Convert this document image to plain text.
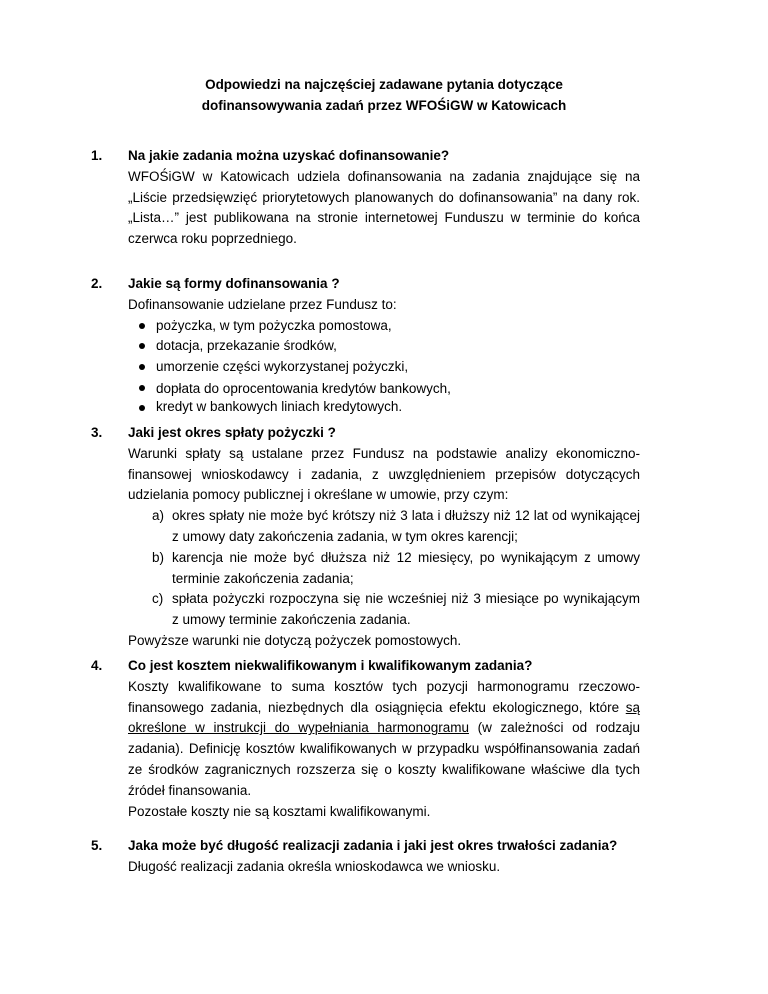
Odpowiedzi na najczęściej zadawane pytania dotyczące
dofinansowywania zadań przez WFOŚiGW w Katowicach
1. Na jakie zadania można uzyskać dofinansowanie?
WFOŚiGW w Katowicach udziela dofinansowania na zadania znajdujące się na „Liście przedsięwzięć priorytetowych planowanych do dofinansowania” na dany rok. „Lista…” jest publikowana na stronie internetowej Funduszu w terminie do końca czerwca roku poprzedniego.
2. Jakie są formy dofinansowania ?
Dofinansowanie udzielane przez Fundusz to:
pożyczka, w tym pożyczka pomostowa,
dotacja, przekazanie środków,
umorzenie części wykorzystanej pożyczki,
dopłata do oprocentowania kredytów bankowych,
kredyt w bankowych liniach kredytowych.
3. Jaki jest okres spłaty pożyczki ?
Warunki spłaty są ustalane przez Fundusz na podstawie analizy ekonomiczno-finansowej wnioskodawcy i zadania, z uwzględnieniem przepisów dotyczących udzielania pomocy publicznej i określane w umowie, przy czym:
a) okres spłaty nie może być krótszy niż 3 lata i dłuższy niż 12 lat od wynikającej z umowy daty zakończenia zadania, w tym okres karencji;
b) karencja nie może być dłuższa niż 12 miesięcy, po wynikającym z umowy terminie zakończenia zadania;
c) spłata pożyczki rozpoczyna się nie wcześniej niż 3 miesiące po wynikającym z umowy terminie zakończenia zadania.
Powyższe warunki nie dotyczą pożyczek pomostowych.
4. Co jest kosztem niekwalifikowanym i kwalifikowanym zadania?
Koszty kwalifikowane to suma kosztów tych pozycji harmonogramu rzeczowo-finansowego zadania, niezbędnych dla osiągnięcia efektu ekologicznego, które są określone w instrukcji do wypełniania harmonogramu (w zależności od rodzaju zadania). Definicję kosztów kwalifikowanych w przypadku współfinansowania zadań ze środków zagranicznych rozszerza się o koszty kwalifikowane właściwe dla tych źródeł finansowania.
Pozostałe koszty nie są kosztami kwalifikowanymi.
5. Jaka może być długość realizacji zadania i jaki jest okres trwałości zadania?
Długość realizacji zadania określa wnioskodawca we wniosku.
